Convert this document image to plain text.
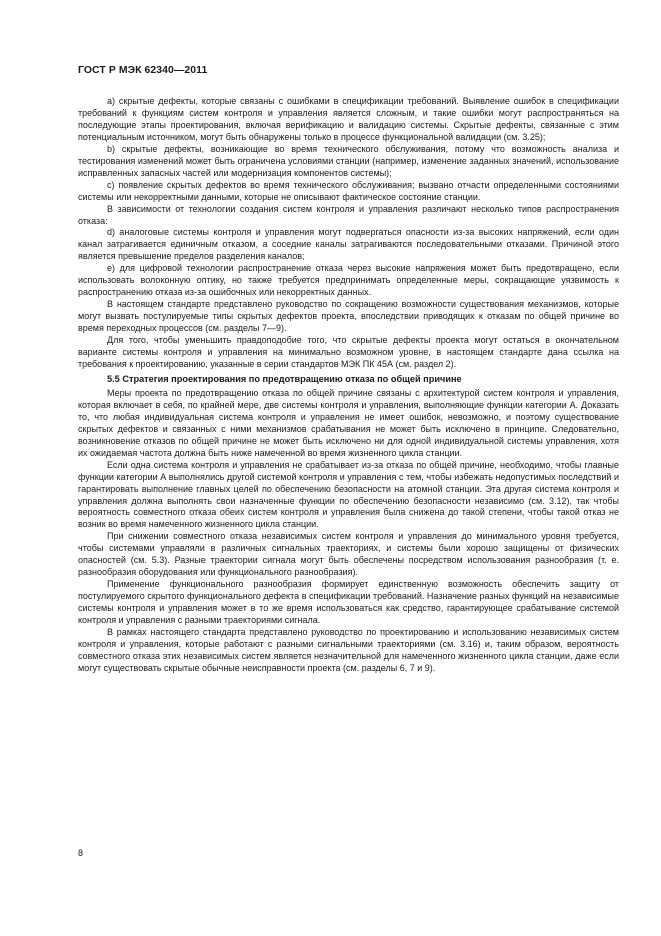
ГОСТ Р МЭК 62340—2011

a) скрытые дефекты, которые связаны с ошибками в спецификации требований. Выявление ошибок в спецификации требований к функциям систем контроля и управления является сложным, и такие ошибки могут распространяться на последующие этапы проектирования, включая верификацию и валидацию системы. Скрытые дефекты, связанные с этим потенциальным источником, могут быть обнаружены только в процессе функциональной валидации (см. 3.25);

b) скрытые дефекты, возникающие во время технического обслуживания, потому что возможность анализа и тестирования изменений может быть ограничена условиями станции (например, изменение заданных значений, использование исправленных запасных частей или модернизация компонентов системы);

c) появление скрытых дефектов во время технического обслуживания; вызвано отчасти определенными состояниями системы или некорректными данными, которые не описывают фактическое состояние станции.

В зависимости от технологии создания систем контроля и управления различают несколько типов распространения отказа:

d) аналоговые системы контроля и управления могут подвергаться опасности из-за высоких напряжений, если один канал затрагивается единичным отказом, а соседние каналы затрагиваются последовательными отказами. Причиной этого является превышение пределов разделения каналов;

e) для цифровой технологии распространение отказа через высокие напряжения может быть предотвращено, если использовать волоконную оптику, но также требуется предпринимать определенные меры, сокращающие уязвимость к распространению отказа из-за ошибочных или некорректных данных.

В настоящем стандарте представлено руководство по сокращению возможности существования механизмов, которые могут вызвать постулируемые типы скрытых дефектов проекта, впоследствии приводящих к отказам по общей причине во время переходных процессов (см. разделы 7—9).

Для того, чтобы уменьшить правдоподобие того, что скрытые дефекты проекта могут остаться в окончательном варианте системы контроля и управления на минимально возможном уровне, в настоящем стандарте дана ссылка на требования к проектированию, указанные в серии стандартов МЭК ПК 45А (см. раздел 2).

5.5 Стратегия проектирования по предотвращению отказа по общей причине

Меры проекта по предотвращению отказа по общей причине связаны с архитектурой систем контроля и управления, которая включает в себя, по крайней мере, две системы контроля и управления, выполняющие функции категории А. Доказать то, что любая индивидуальная система контроля и управления не имеет ошибок, невозможно, и поэтому существование скрытых дефектов и связанных с ними механизмов срабатывания не может быть исключено в принципе. Следовательно, возникновение отказов по общей причине не может быть исключено ни для одной индивидуальной системы управления, хотя их ожидаемая частота должна быть ниже намеченной во время жизненного цикла станции.

Если одна система контроля и управления не срабатывает из-за отказа по общей причине, необходимо, чтобы главные функции категории А выполнялись другой системой контроля и управления с тем, чтобы избежать недопустимых последствий и гарантировать выполнение главных целей по обеспечению безопасности на атомной станции. Эта другая система контроля и управления должна выполнять свои назначенные функции по обеспечению безопасности независимо (см. 3.12), так чтобы вероятность совместного отказа обеих систем контроля и управления была снижена до такой степени, чтобы такой отказ не возник во время намеченного жизненного цикла станции.

При снижении совместного отказа независимых систем контроля и управления до минимального уровня требуется, чтобы системами управляли в различных сигнальных траекториях, и системы были хорошо защищены от физических опасностей (см. 5.3). Разные траектории сигнала могут быть обеспечены посредством использования разнообразия (т. е. разнообразия оборудования или функционального разнообразия).

Применение функционального разнообразия формирует единственную возможность обеспечить защиту от постулируемого скрытого функционального дефекта в спецификации требований. Назначение разных функций на независимые системы контроля и управления может в то же время использоваться как средство, гарантирующее срабатывание системой контроля и управления с разными траекториями сигнала.

В рамках настоящего стандарта представлено руководство по проектированию и использованию независимых систем контроля и управления, которые работают с разными сигнальными траекториями (см. 3.16) и, таким образом, вероятность совместного отказа этих независимых систем является незначительной для намеченного жизненного цикла станции, даже если могут существовать скрытые обычные неисправности проекта (см. разделы 6, 7 и 9).

8
